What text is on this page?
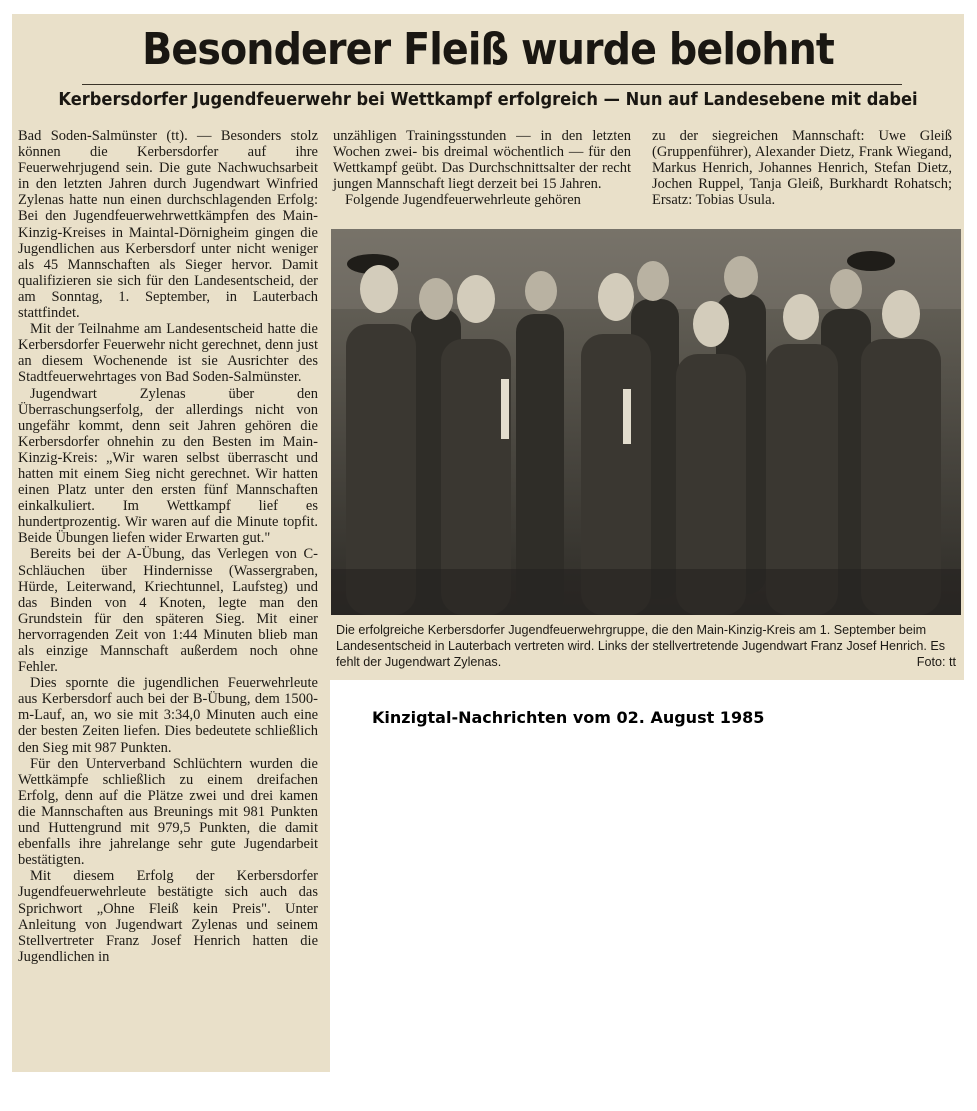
Besonderer Fleiß wurde belohnt
Kerbersdorfer Jugendfeuerwehr bei Wettkampf erfolgreich — Nun auf Landesebene mit dabei

Bad Soden-Salmünster (tt). — Besonders stolz können die Kerbersdorfer auf ihre Feuerwehrjugend sein. Die gute Nachwuchsarbeit in den letzten Jahren durch Jugendwart Winfried Zylenas hatte nun einen durchschlagenden Erfolg: Bei den Jugendfeuerwehrwettkämpfen des Main-Kinzig-Kreises in Maintal-Dörnigheim gingen die Jugendlichen aus Kerbersdorf unter nicht weniger als 45 Mannschaften als Sieger hervor. Damit qualifizieren sie sich für den Landesentscheid, der am Sonntag, 1. September, in Lauterbach stattfindet.

Mit der Teilnahme am Landesentscheid hatte die Kerbersdorfer Feuerwehr nicht gerechnet, denn just an diesem Wochenende ist sie Ausrichter des Stadtfeuerwehrtages von Bad Soden-Salmünster.

Jugendwart Zylenas über den Überraschungserfolg, der allerdings nicht von ungefähr kommt, denn seit Jahren gehören die Kerbersdorfer ohnehin zu den Besten im Main-Kinzig-Kreis: „Wir waren selbst überrascht und hatten mit einem Sieg nicht gerechnet. Wir hatten einen Platz unter den ersten fünf Mannschaften einkalkuliert. Im Wettkampf lief es hundertprozentig. Wir waren auf die Minute topfit. Beide Übungen liefen wider Erwarten gut."

Bereits bei der A-Übung, das Verlegen von C-Schläuchen über Hindernisse (Wassergraben, Hürde, Leiterwand, Kriechtunnel, Laufsteg) und das Binden von 4 Knoten, legte man den Grundstein für den späteren Sieg. Mit einer hervorragenden Zeit von 1:44 Minuten blieb man als einzige Mannschaft außerdem noch ohne Fehler.

Dies spornte die jugendlichen Feuerwehrleute aus Kerbersdorf auch bei der B-Übung, dem 1500-m-Lauf, an, wo sie mit 3:34,0 Minuten auch eine der besten Zeiten liefen. Dies bedeutete schließlich den Sieg mit 987 Punkten.

Für den Unterverband Schlüchtern wurden die Wettkämpfe schließlich zu einem dreifachen Erfolg, denn auf die Plätze zwei und drei kamen die Mannschaften aus Breunings mit 981 Punkten und Huttengrund mit 979,5 Punkten, die damit ebenfalls ihre jahrelange sehr gute Jugendarbeit bestätigten.

Mit diesem Erfolg der Kerbersdorfer Jugendfeuerwehrleute bestätigte sich auch das Sprichwort „Ohne Fleiß kein Preis". Unter Anleitung von Jugendwart Zylenas und seinem Stellvertreter Franz Josef Henrich hatten die Jugendlichen in

unzähligen Trainingsstunden — in den letzten Wochen zwei- bis dreimal wöchentlich — für den Wettkampf geübt. Das Durchschnittsalter der recht jungen Mannschaft liegt derzeit bei 15 Jahren.

Folgende Jugendfeuerwehrleute gehören

zu der siegreichen Mannschaft: Uwe Gleiß (Gruppenführer), Alexander Dietz, Frank Wiegand, Markus Henrich, Johannes Henrich, Stefan Dietz, Jochen Ruppel, Tanja Gleiß, Burkhardt Rohatsch; Ersatz: Tobias Usula.

Die erfolgreiche Kerbersdorfer Jugendfeuerwehrgruppe, die den Main-Kinzig-Kreis am 1. September beim Landesentscheid in Lauterbach vertreten wird. Links der stellvertretende Jugendwart Franz Josef Henrich. Es fehlt der Jugendwart Zylenas.	Foto: tt
Kinzigtal-Nachrichten vom 02. August 1985
